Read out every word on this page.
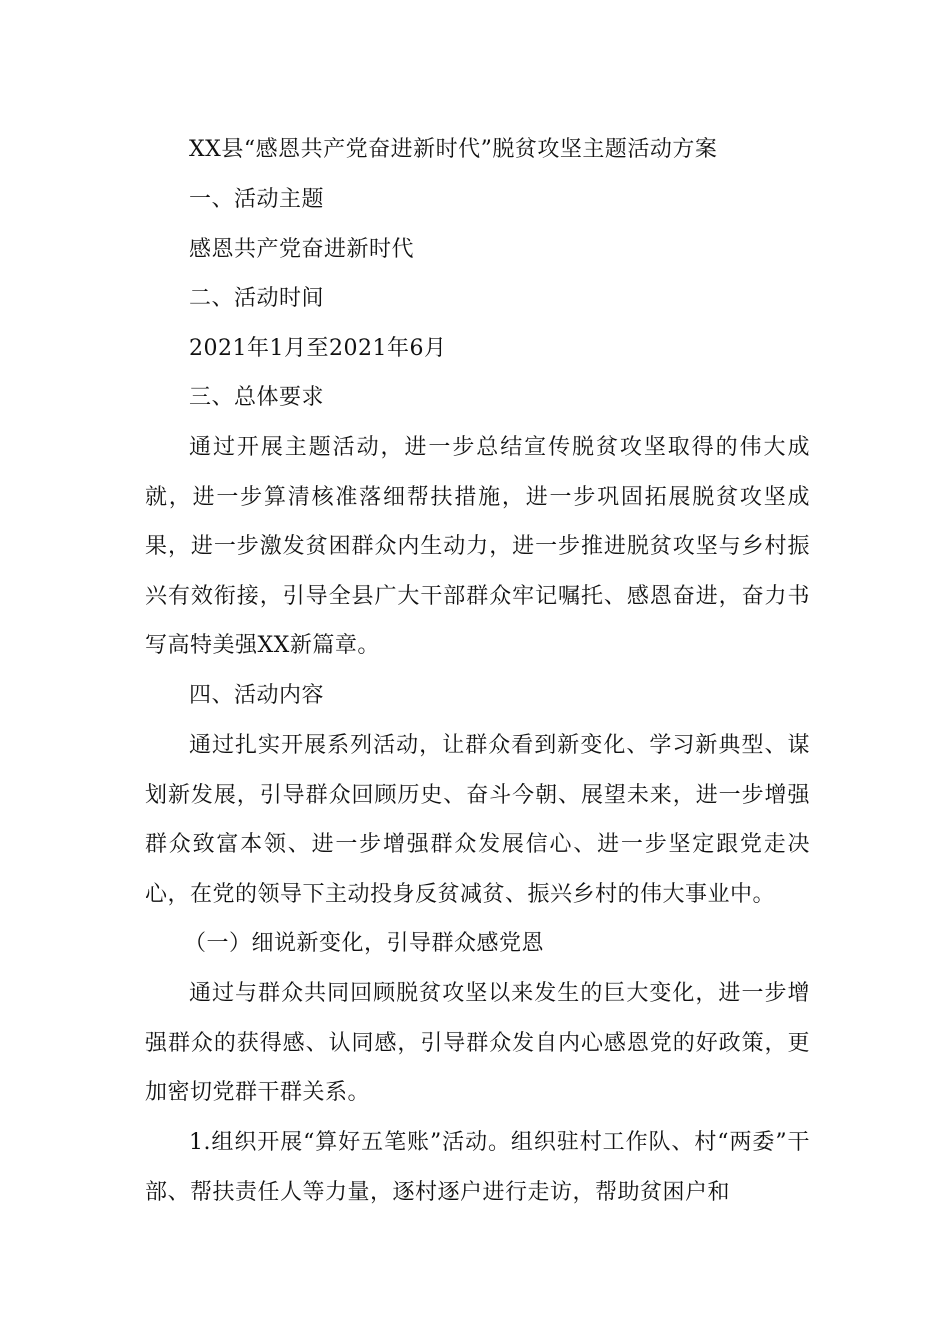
XX县“感恩共产党奋进新时代”脱贫攻坚主题活动方案
一、活动主题
感恩共产党奋进新时代
二、活动时间
2021年1月至2021年6月
三、总体要求
通过开展主题活动，进一步总结宣传脱贫攻坚取得的伟大成就，进一步算清核准落细帮扶措施，进一步巩固拓展脱贫攻坚成果，进一步激发贫困群众内生动力，进一步推进脱贫攻坚与乡村振兴有效衔接，引导全县广大干部群众牢记嘱托、感恩奋进，奋力书写高特美强XX新篇章。
四、活动内容
通过扎实开展系列活动，让群众看到新变化、学习新典型、谋划新发展，引导群众回顾历史、奋斗今朝、展望未来，进一步增强群众致富本领、进一步增强群众发展信心、进一步坚定跟党走决心，在党的领导下主动投身反贫减贫、振兴乡村的伟大事业中。
（一）细说新变化，引导群众感党恩
通过与群众共同回顾脱贫攻坚以来发生的巨大变化，进一步增强群众的获得感、认同感，引导群众发自内心感恩党的好政策，更加密切党群干群关系。
1.组织开展“算好五笔账”活动。组织驻村工作队、村“两委”干部、帮扶责任人等力量，逐村逐户进行走访，帮助贫困户和
